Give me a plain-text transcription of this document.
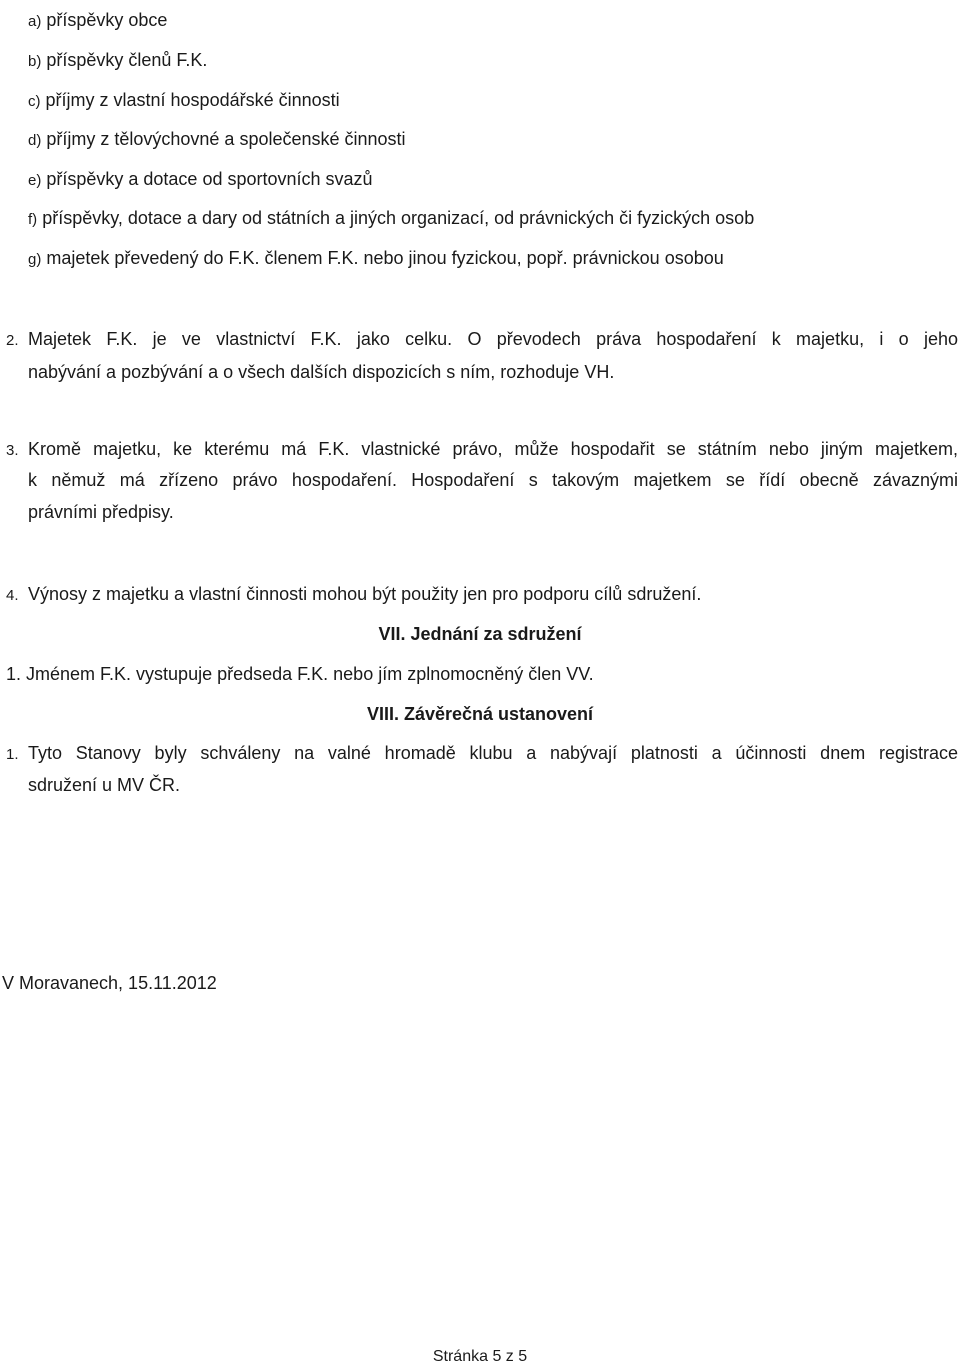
a) příspěvky obce
b) příspěvky členů F.K.
c) příjmy z vlastní hospodářské činnosti
d) příjmy z tělovýchovné a společenské činnosti
e) příspěvky a dotace od sportovních svazů
f) příspěvky, dotace a dary od státních a jiných organizací, od právnických či fyzických osob
g) majetek převedený do F.K. členem F.K. nebo jinou fyzickou, popř. právnickou osobou
2. Majetek F.K. je ve vlastnictví F.K. jako celku. O převodech práva hospodaření k majetku, i o jeho
nabývání a pozbývání a o všech dalších dispozicích s ním, rozhoduje VH.
3. Kromě majetku, ke kterému má F.K. vlastnické právo, může hospodařit se státním nebo jiným majetkem,
k němuž má zřízeno právo hospodaření. Hospodaření s takovým majetkem se řídí obecně závaznými
právními předpisy.
4. Výnosy z majetku a vlastní činnosti mohou být použity jen pro podporu cílů sdružení.
VII. Jednání za sdružení
1. Jménem F.K. vystupuje předseda F.K. nebo jím zplnomocněný člen VV.
VIII. Závěrečná ustanovení
1. Tyto Stanovy byly schváleny na valné hromadě klubu a nabývají platnosti a účinnosti dnem registrace
sdružení u MV ČR.
V Moravanech, 15.11.2012
Stránka 5 z 5
